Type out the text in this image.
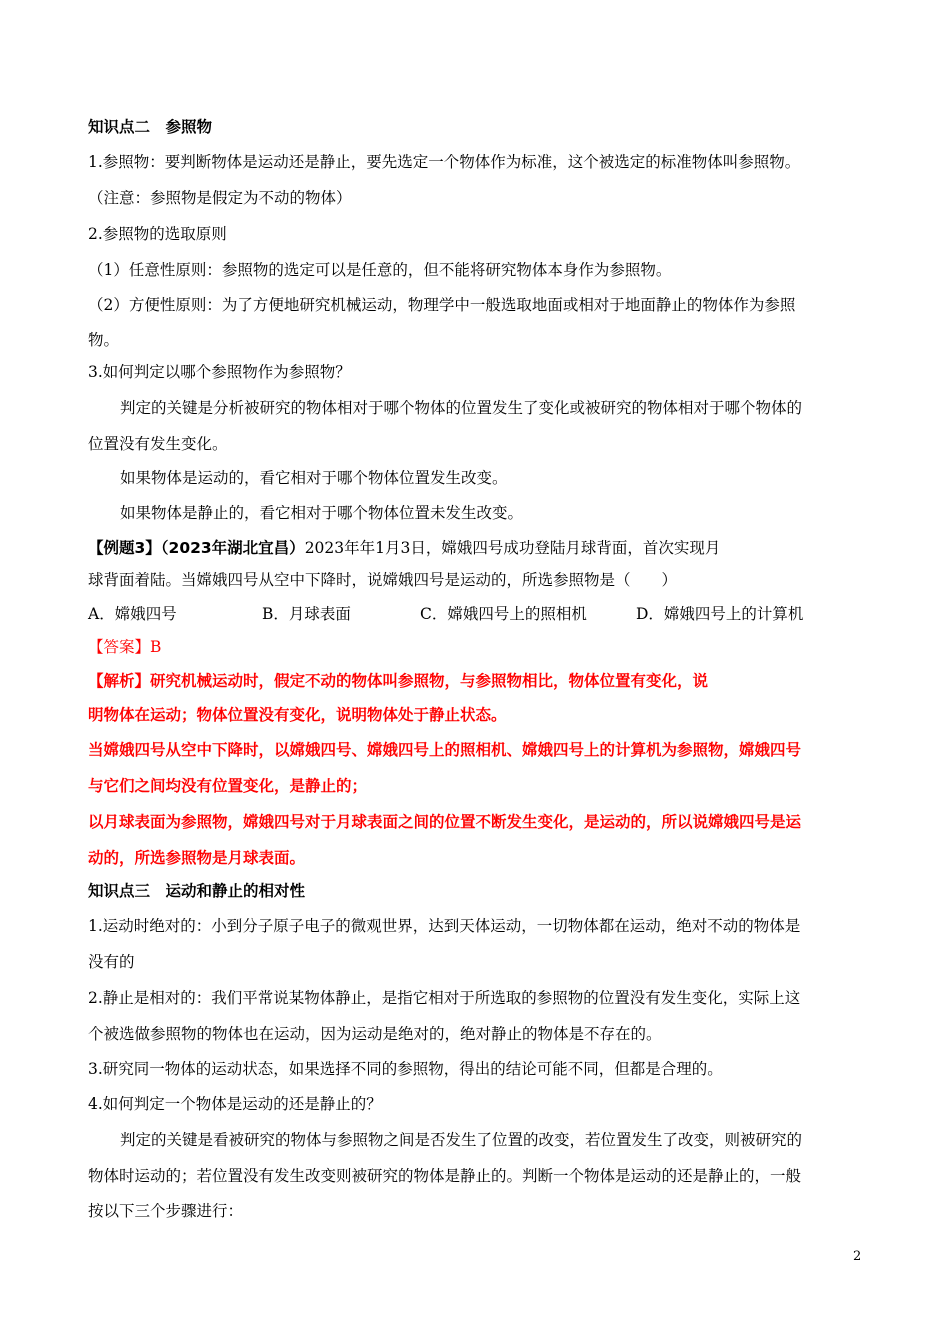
知识点二　参照物
1.参照物：要判断物体是运动还是静止，要先选定一个物体作为标准，这个被选定的标准物体叫参照物。
（注意：参照物是假定为不动的物体）
2.参照物的选取原则
（1）任意性原则：参照物的选定可以是任意的，但不能将研究物体本身作为参照物。
（2）方便性原则：为了方便地研究机械运动，物理学中一般选取地面或相对于地面静止的物体作为参照
物。
3.如何判定以哪个参照物作为参照物？
判定的关键是分析被研究的物体相对于哪个物体的位置发生了变化或被研究的物体相对于哪个物体的
位置没有发生变化。
如果物体是运动的，看它相对于哪个物体位置发生改变。
如果物体是静止的，看它相对于哪个物体位置未发生改变。
【例题3】（2023年湖北宜昌）2023年年1月3日，嫦娥四号成功登陆月球背面，首次实现月
球背面着陆。当嫦娥四号从空中下降时，说嫦娥四号是运动的，所选参照物是（　　）
A．嫦娥四号	B．月球表面	C．嫦娥四号上的照相机	D．嫦娥四号上的计算机
【答案】B
【解析】研究机械运动时，假定不动的物体叫参照物，与参照物相比，物体位置有变化，说
明物体在运动；物体位置没有变化，说明物体处于静止状态。
当嫦娥四号从空中下降时，以嫦娥四号、嫦娥四号上的照相机、嫦娥四号上的计算机为参照物，嫦娥四号
与它们之间均没有位置变化，是静止的；
以月球表面为参照物，嫦娥四号对于月球表面之间的位置不断发生变化，是运动的，所以说嫦娥四号是运
动的，所选参照物是月球表面。
知识点三　运动和静止的相对性
1.运动时绝对的：小到分子原子电子的微观世界，达到天体运动，一切物体都在运动，绝对不动的物体是
没有的
2.静止是相对的：我们平常说某物体静止，是指它相对于所选取的参照物的位置没有发生变化，实际上这
个被选做参照物的物体也在运动，因为运动是绝对的，绝对静止的物体是不存在的。
3.研究同一物体的运动状态，如果选择不同的参照物，得出的结论可能不同，但都是合理的。
4.如何判定一个物体是运动的还是静止的？
判定的关键是看被研究的物体与参照物之间是否发生了位置的改变，若位置发生了改变，则被研究的
物体时运动的；若位置没有发生改变则被研究的物体是静止的。判断一个物体是运动的还是静止的，一般
按以下三个步骤进行：
2
